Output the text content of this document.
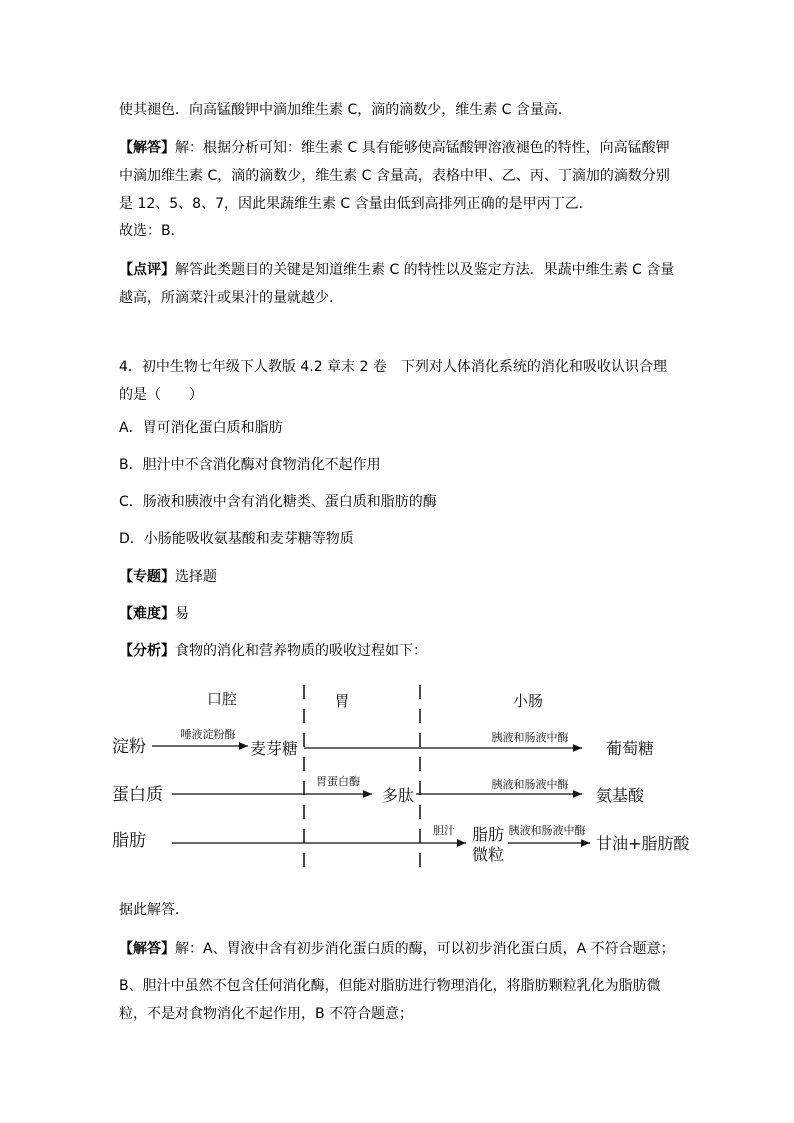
使其褪色．向高锰酸钾中滴加维生素 C，滴的滴数少，维生素 C 含量高．

【解答】解：根据分析可知：维生素 C 具有能够使高锰酸钾溶液褪色的特性，向高锰酸钾中滴加维生素 C，滴的滴数少，维生素 C 含量高，表格中甲、乙、丙、丁滴加的滴数分别是 12、5、8、7，因此果蔬维生素 C 含量由低到高排列正确的是甲丙丁乙．

故选：B．

【点评】解答此类题目的关键是知道维生素 C 的特性以及鉴定方法．果蔬中维生素 C 含量越高，所滴菜汁或果汁的量就越少．

4．初中生物七年级下人教版 4.2 章末 2 卷　下列对人体消化系统的消化和吸收认识合理的是（　　）

A．胃可消化蛋白质和脂肪

B．胆汁中不含消化酶对食物消化不起作用

C．肠液和胰液中含有消化糖类、蛋白质和脂肪的酶

D．小肠能吸收氨基酸和麦芽糖等物质

【专题】选择题

【难度】易

【分析】食物的消化和营养物质的吸收过程如下：

口腔	胃	小肠
淀粉
唾液淀粉酶
麦芽糖
胰液和肠液中酶
葡萄糖
蛋白质
胃蛋白酶
多肽
胰液和肠液中酶
氨基酸
脂肪
胆汁 脂肪
微粒
胰液和肠液中酶
甘油+脂肪酸

据此解答．

【解答】解：A、胃液中含有初步消化蛋白质的酶，可以初步消化蛋白质，A 不符合题意；

B、胆汁中虽然不包含任何消化酶，但能对脂肪进行物理消化，将脂肪颗粒乳化为脂肪微粒，不是对食物消化不起作用，B 不符合题意；
